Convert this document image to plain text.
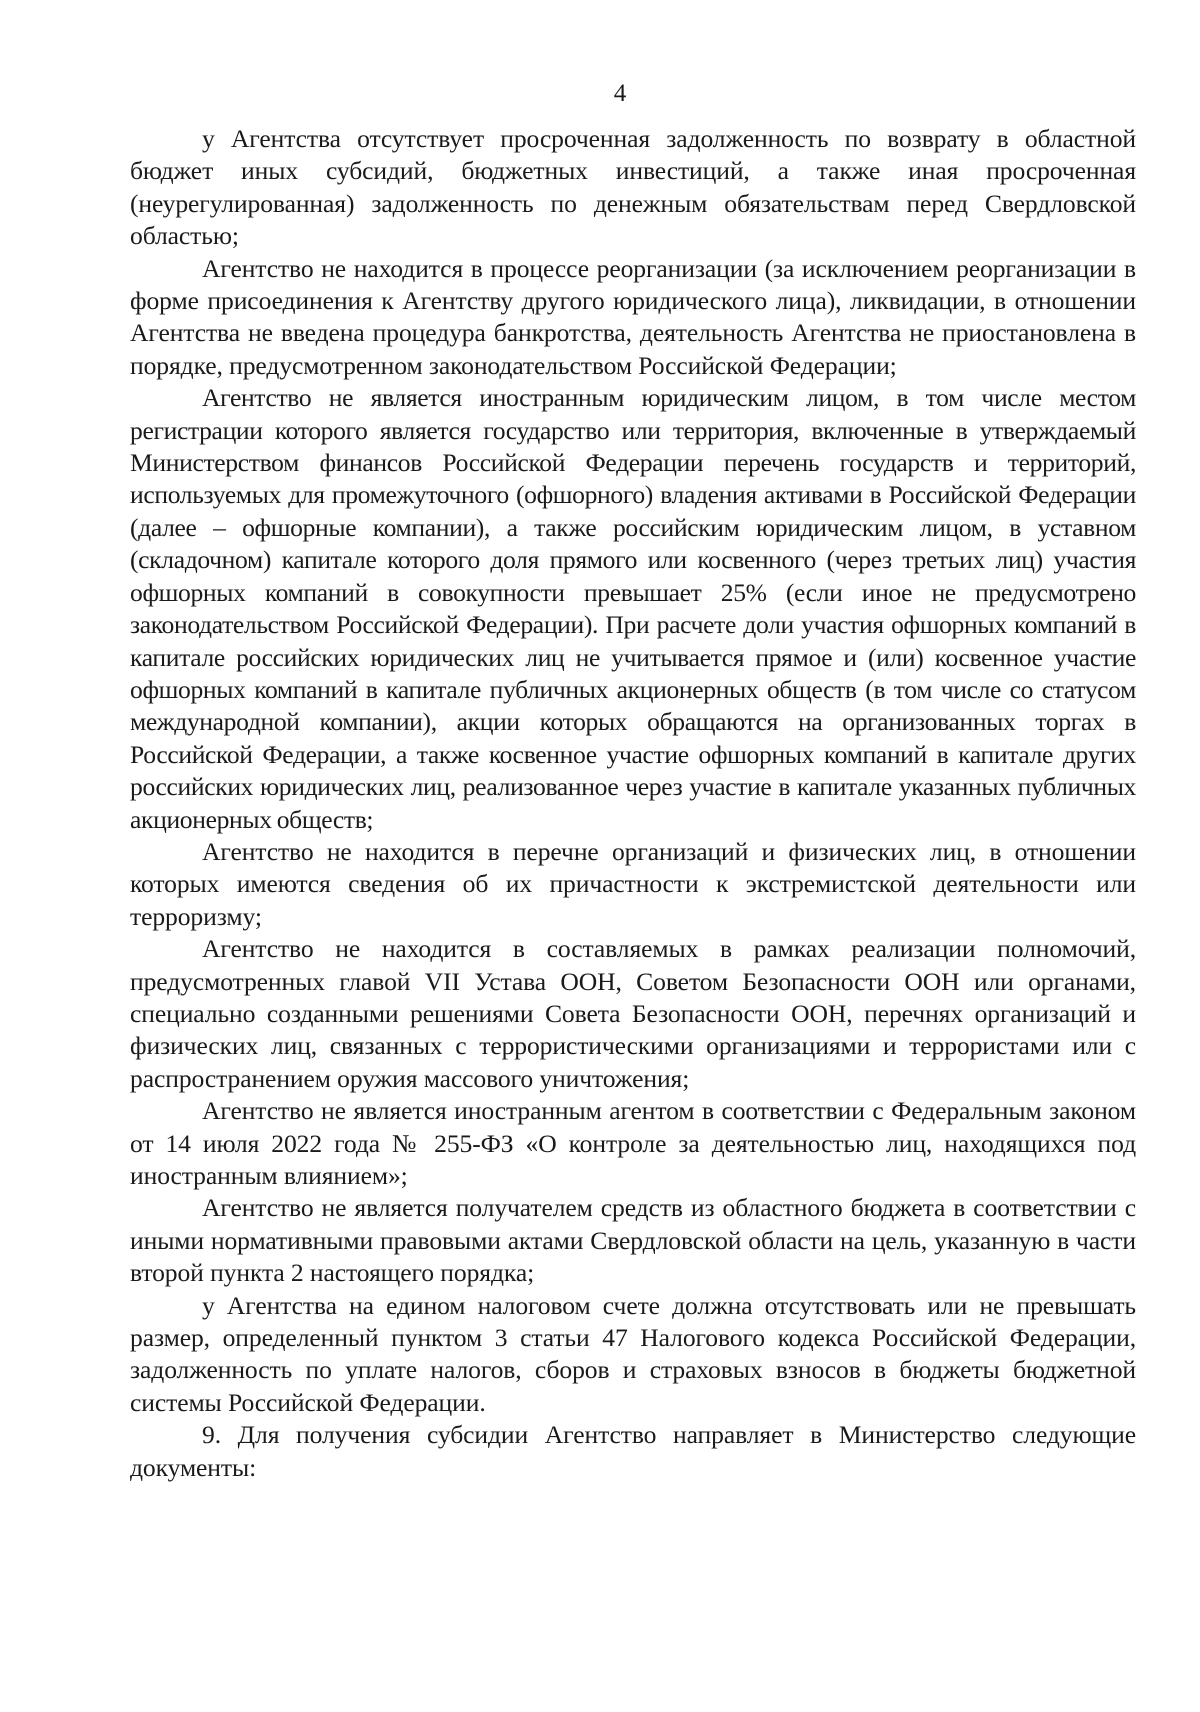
4

у Агентства отсутствует просроченная задолженность по возврату в областной бюджет иных субсидий, бюджетных инвестиций, а также иная просроченная (неурегулированная) задолженность по денежным обязательствам перед Свердловской областью;

Агентство не находится в процессе реорганизации (за исключением реорганизации в форме присоединения к Агентству другого юридического лица), ликвидации, в отношении Агентства не введена процедура банкротства, деятельность Агентства не приостановлена в порядке, предусмотренном законодательством Российской Федерации;

Агентство не является иностранным юридическим лицом, в том числе местом регистрации которого является государство или территория, включенные в утверждаемый Министерством финансов Российской Федерации перечень государств и территорий, используемых для промежуточного (офшорного) владения активами в Российской Федерации (далее – офшорные компании), а также российским юридическим лицом, в уставном (складочном) капитале которого доля прямого или косвенного (через третьих лиц) участия офшорных компаний в совокупности превышает 25% (если иное не предусмотрено законодательством Российской Федерации). При расчете доли участия офшорных компаний в капитале российских юридических лиц не учитывается прямое и (или) косвенное участие офшорных компаний в капитале публичных акционерных обществ (в том числе со статусом международной компании), акции которых обращаются на организованных торгах в Российской Федерации, а также косвенное участие офшорных компаний в капитале других российских юридических лиц, реализованное через участие в капитале указанных публичных акционерных обществ;

Агентство не находится в перечне организаций и физических лиц, в отношении которых имеются сведения об их причастности к экстремистской деятельности или терроризму;

Агентство не находится в составляемых в рамках реализации полномочий, предусмотренных главой VII Устава ООН, Советом Безопасности ООН или органами, специально созданными решениями Совета Безопасности ООН, перечнях организаций и физических лиц, связанных с террористическими организациями и террористами или с распространением оружия массового уничтожения;

Агентство не является иностранным агентом в соответствии с Федеральным законом от 14 июля 2022 года № 255-ФЗ «О контроле за деятельностью лиц, находящихся под иностранным влиянием»;

Агентство не является получателем средств из областного бюджета в соответствии с иными нормативными правовыми актами Свердловской области на цель, указанную в части второй пункта 2 настоящего порядка;

у Агентства на едином налоговом счете должна отсутствовать или не превышать размер, определенный пунктом 3 статьи 47 Налогового кодекса Российской Федерации, задолженность по уплате налогов, сборов и страховых взносов в бюджеты бюджетной системы Российской Федерации.

9. Для получения субсидии Агентство направляет в Министерство следующие документы:
